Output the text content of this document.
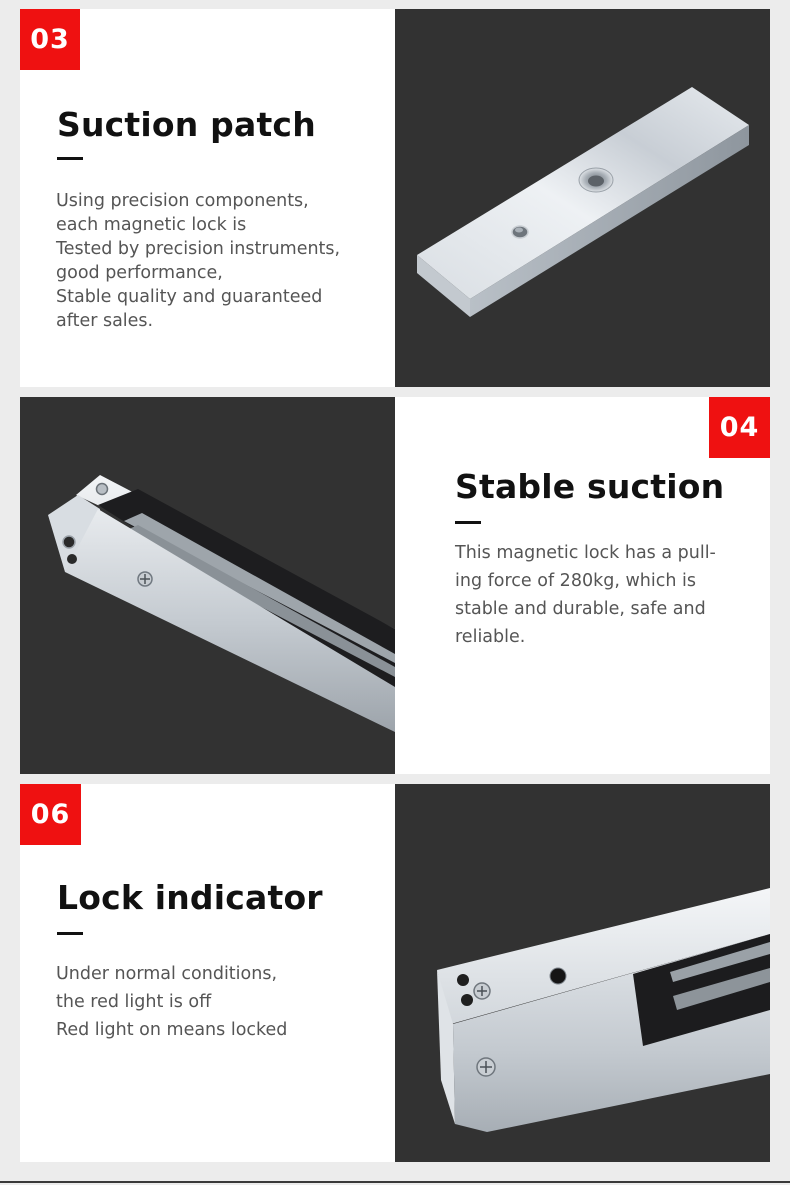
03
Suction patch
Using precision components,
each magnetic lock is
Tested by precision instruments,
good performance,
Stable quality and guaranteed
after sales.
04
Stable suction
This magnetic lock has a pull-
ing force of 280kg, which is
stable and durable, safe and
reliable.
06
Lock indicator
Under normal conditions,
the red light is off
Red light on means locked
